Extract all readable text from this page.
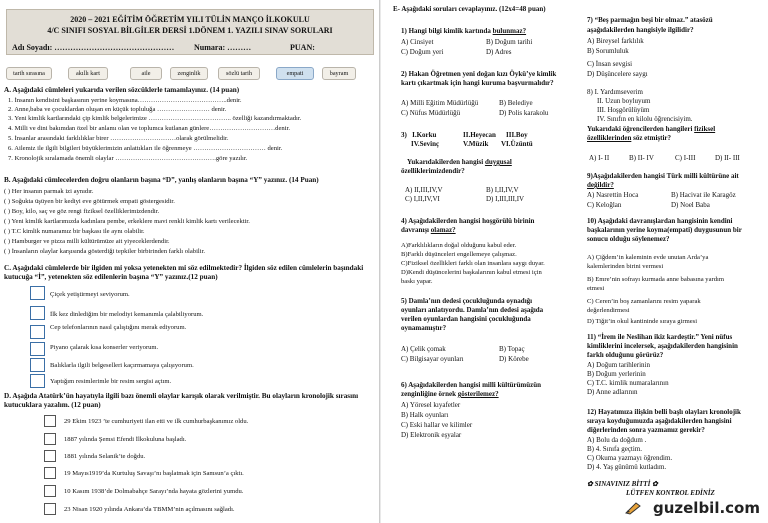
2020 – 2021 EĞİTİM ÖĞRETİM YILI TÜLİN MANÇO İLKOKULU
4/C SINIFI SOSYAL BİLGİLER DERSİ 1.DÖNEM 1. YAZILI SINAV SORULARI
Adı Soyadı: ……………………………………… Numara: ………	PUAN:
tarih sırasına	akıllı kart	aile	zenginlik	sözlü tarih	empati	bayram
A. Aşağıdaki cümleleri yukarıda verilen sözcüklerle tamamlayınız. (14 puan)
1. İnsanın kendisini başkasının yerine koymasına…………………………………..denir.
2. Anne,baba ve çocuklardan oluşan en küçük topluluğa …………………… denir.
3. Yeni kimlik kartlarındaki çip kimlik belgelerimize ……………………………….. özelliği kazandırmaktadır.
4. Milli ve dini bakımdan özel bir anlamı olan ve toplumca kutlanan günlere…………………………denir.
5. İnsanlar arasındaki farklılıklar birer …………………………olarak görülmelidir.
6. Ailemiz ile ilgili bilgileri büyüklerimizin anlattıkları ile öğrenmeye …………………………… denir.
7. Kronolojik sıralamada önemli olaylar ……………………………………….göre yazılır.
B. Aşağıdaki cümlecelerden doğru olanların başına “D”, yanlış olanların başına “Y” yazınız. (14 Puan)
( ) Her insanın parmak izi aynıdır.
( ) Soğukta üşüyen bir kediyi eve götürmek empati göstergesidir.
( ) Boy, kilo, saç ve göz rengi fiziksel özelliklerimizdendir.
( ) Yeni kimlik kartlarımızda kadınlara pembe, erkeklere mavi renkli kimlik kartı verilecektir.
( ) T.C kimlik numaramız bir başkası ile aynı olabilir.
( ) Hamburger ve pizza milli kültürümüze ait yiyeceklerdendir.
( ) İnsanların olaylar karşısında gösterdiği tepkiler birbirinden farklı olabilir.
C. Aşağıdaki cümlelerde bir ilgiden mi yoksa yetenekten mi söz edilmektedir? İlgiden söz edilen cümlelerin başındaki kutucuğa “İ”, yetenekten söz edilenlerin başına “Y” yazınız.(12 puan)
Çiçek yetiştirmeyi seviyorum.
İlk kez dinlediğim bir melodiyi kemanımla çalabiliyorum.
Cep telefonlarının nasıl çalıştığını merak ediyorum.
Piyano çalarak kısa konserler veriyorum.
Balıklarla ilgili belgeselleri kaçırmamaya çalışıyorum.
Yaptığım resimlerimle bir resim sergisi açtım.
D. Aşağıda Atatürk’ün hayatıyla ilgili bazı önemli olaylar karışık olarak verilmiştir. Bu olayların kronolojik sırasını kutucuklara yazalım. (12 puan)
29 Ekim 1923 ’te cumhuriyeti ilan etti ve ilk cumhurbaşkanımız oldu.
1887 yılında Şemsi Efendi İlkokuluna başladı.
1881 yılında Selanik’te doğdu.
19 Mayıs1919’da Kurtuluş Savaşı’nı başlatmak için Samsun’a çıktı.
10 Kasım 1938’de Dolmabahçe Sarayı’nda hayata gözlerini yumdu.
23 Nisan 1920 yılında Ankara’da TBMM’nin açılmasını sağladı.
E- Aşağıdaki soruları cevaplayınız. (12x4=48 puan)
1) Hangi bilgi kimlik kartında bulunmaz?
A) Cinsiyet	B) Doğum tarihi
C) Doğum yeri	D) Adres
2) Hakan Öğretmen yeni doğan kızı Öykü’ye kimlik
kartı çıkartmak için hangi kuruma başvurmalıdır?
A) Milli Eğitim Müdürlüğü	B) Belediye
C) Nüfus Müdürlüğü	D) Polis karakolu
3)   I.Korku	II.Heyecan III.Boy
IV.Sevinç	V.Müzik VI.Üzüntü
Yukarıdakilerden hangisi duygusal
özelliklerimizdendir?
A) II,III,IV,V	B) I,II,IV,V
C) I,II,IV,VI	D) I,III,III,IV
4) Aşağıdakilerden hangisi hoşgörülü birinin
davranışı olamaz?
A)Farklılıkların doğal olduğunu kabul eder.
B)Farklı düşünceleri engellemeye çalışmaz.
C)Fiziksel özellikleri farklı olan insanlara saygı duyar.
D)Kendi düşüncelerini başkalarının kabul etmesi için
baskı yapar.
5) Damla’nın dedesi çocukluğunda oynadığı
oyunları anlatıyordu. Damla’nın dedesi aşağıda
verilen oyunlardan hangisini çocukluğunda
oynamamıştır?
A) Çelik çomak	B) Topaç
C) Bilgisayar oyunları	D) Körebe
6) Aşağıdakilerden hangisi milli kültürümüzün
zenginliğine örnek gösterilemez?
A) Yöresel kıyafetler
B) Halk oyunları
C) Eski hallar ve kilimler
D) Elektronik eşyalar
7) “Beş parmağın beşi bir olmaz.” atasözü
aşağıdakilerden hangisiyle ilgilidir?
A) Bireysel farklılık
B) Sorumluluk
C) İnsan sevgisi
D) Düşüncelere saygı
8) I. Yardımseverim
II. Uzun boyluyum
III. Hoşgörülüyüm
IV. Sınıfın en kilolu öğrencisiyim.
Yukarıdaki öğrencilerden hangileri fiziksel
özelliklerinden söz etmiştir?
A) I- II	B) II- IV	C) I-III	D) II- III
9)Aşağıdakilerden hangisi Türk milli kültürüne ait
değildir?
A) Nasrettin Hoca	B) Hacivat ile Karagöz
C) Keloğlan	D) Noel Baba
10) Aşağıdaki davranışlardan hangisinin kendini
başkalarının yerine koyma(empati) duygusunun bir
sonucu olduğu söylenemez?
A) Çiğdem’in kaleminin evde unutan Arda’ya
kalemlerinden birini vermesi
B) Emre’nin sofrayı kurmada anne babasına yardım
etmesi
C) Ceren’in boş zamanlarını resim yaparak
değerlendirmesi
D) Tiğit’in okul kantininde sıraya girmesi
11) “İrem ile Neslihan ikiz kardeştir.” Yeni nüfus
kimliklerini incelersek, aşağıdakilerden hangisinin
farklı olduğunu görürüz?
A) Doğum tarihlerinin
B) Doğum yerlerinin
C) T.C. kimlik numaralarının
D) Anne adlarının
12) Hayatımıza ilişkin belli başlı olayları kronolojik
sıraya koyduğumuzda aşağıdakilerden hangisini
diğerlerinden sonra yazmamız gerekir?
A) Bolu da doğdum .
B) 4. Sınıfa geçtim.
C) Okuma yazmayı öğrendim.
D) 4. Yaş günümü kutladım.
✿ SINAVINIZ BİTTİ ✿
LÜTFEN KONTROL EDİNİZ
guzelbil.com
